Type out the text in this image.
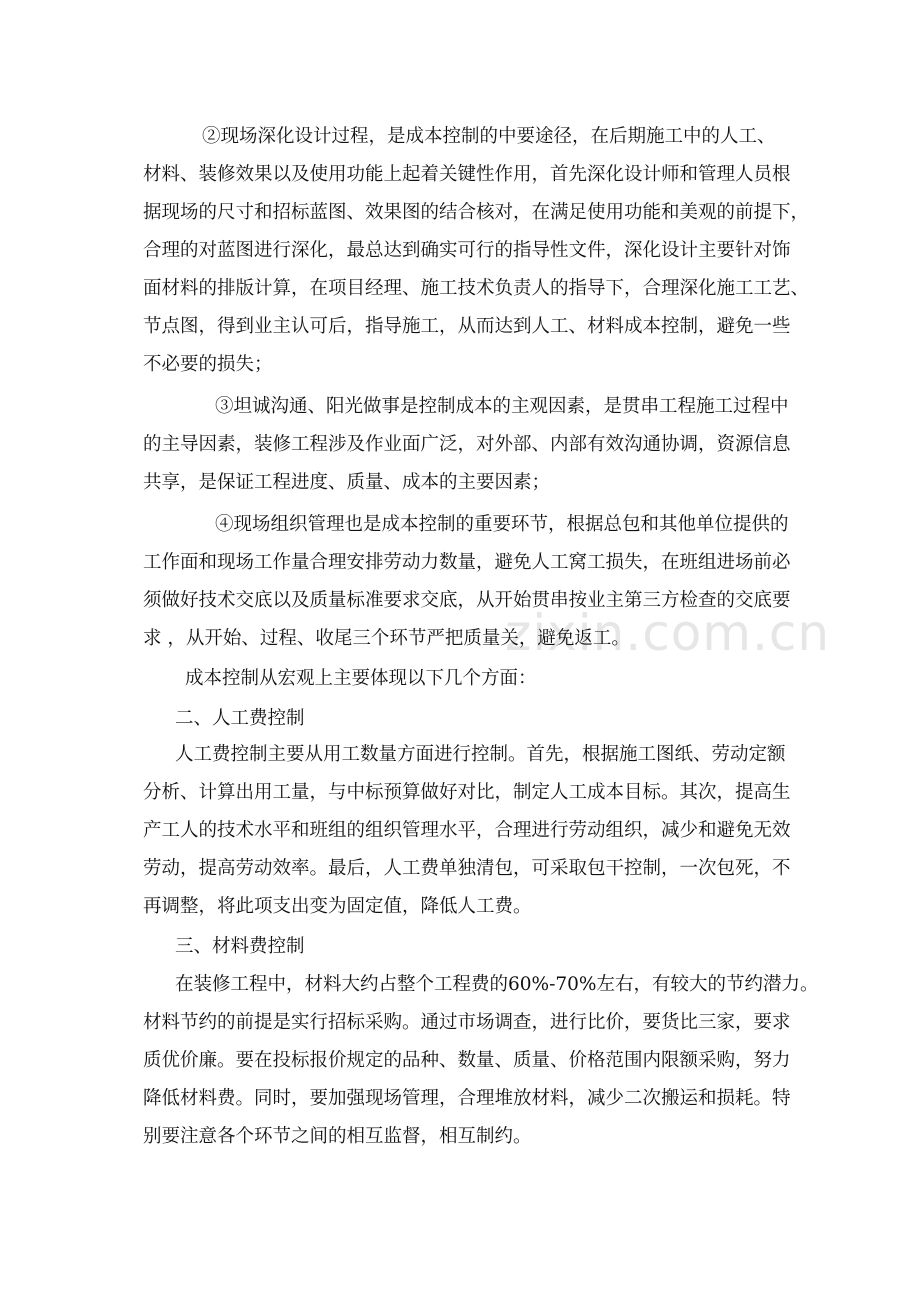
zixin.com.cn

②现场深化设计过程，是成本控制的中要途径，在后期施工中的人工、

材料、装修效果以及使用功能上起着关键性作用，首先深化设计师和管理人员根

据现场的尺寸和招标蓝图、效果图的结合核对，在满足使用功能和美观的前提下，

合理的对蓝图进行深化，最总达到确实可行的指导性文件，深化设计主要针对饰

面材料的排版计算，在项目经理、施工技术负责人的指导下，合理深化施工工艺、

节点图，得到业主认可后，指导施工，从而达到人工、材料成本控制，避免一些

不必要的损失；

③坦诚沟通、阳光做事是控制成本的主观因素，是贯串工程施工过程中

的主导因素，装修工程涉及作业面广泛，对外部、内部有效沟通协调，资源信息

共享，是保证工程进度、质量、成本的主要因素；

④现场组织管理也是成本控制的重要环节，根据总包和其他单位提供的

工作面和现场工作量合理安排劳动力数量，避免人工窝工损失，在班组进场前必

须做好技术交底以及质量标准要求交底，从开始贯串按业主第三方检查的交底要

求 ，从开始、过程、收尾三个环节严把质量关，避免返工。

成本控制从宏观上主要体现以下几个方面：

二、人工费控制

人工费控制主要从用工数量方面进行控制。首先，根据施工图纸、劳动定额

分析、计算出用工量，与中标预算做好对比，制定人工成本目标。其次，提高生

产工人的技术水平和班组的组织管理水平，合理进行劳动组织，减少和避免无效

劳动，提高劳动效率。最后，人工费单独清包，可采取包干控制，一次包死，不

再调整，将此项支出变为固定值，降低人工费。

三、材料费控制

在装修工程中，材料大约占整个工程费的60%-70%左右，有较大的节约潜力。

材料节约的前提是实行招标采购。通过市场调查，进行比价，要货比三家，要求

质优价廉。要在投标报价规定的品种、数量、质量、价格范围内限额采购，努力

降低材料费。同时，要加强现场管理，合理堆放材料，减少二次搬运和损耗。特

别要注意各个环节之间的相互监督，相互制约。
